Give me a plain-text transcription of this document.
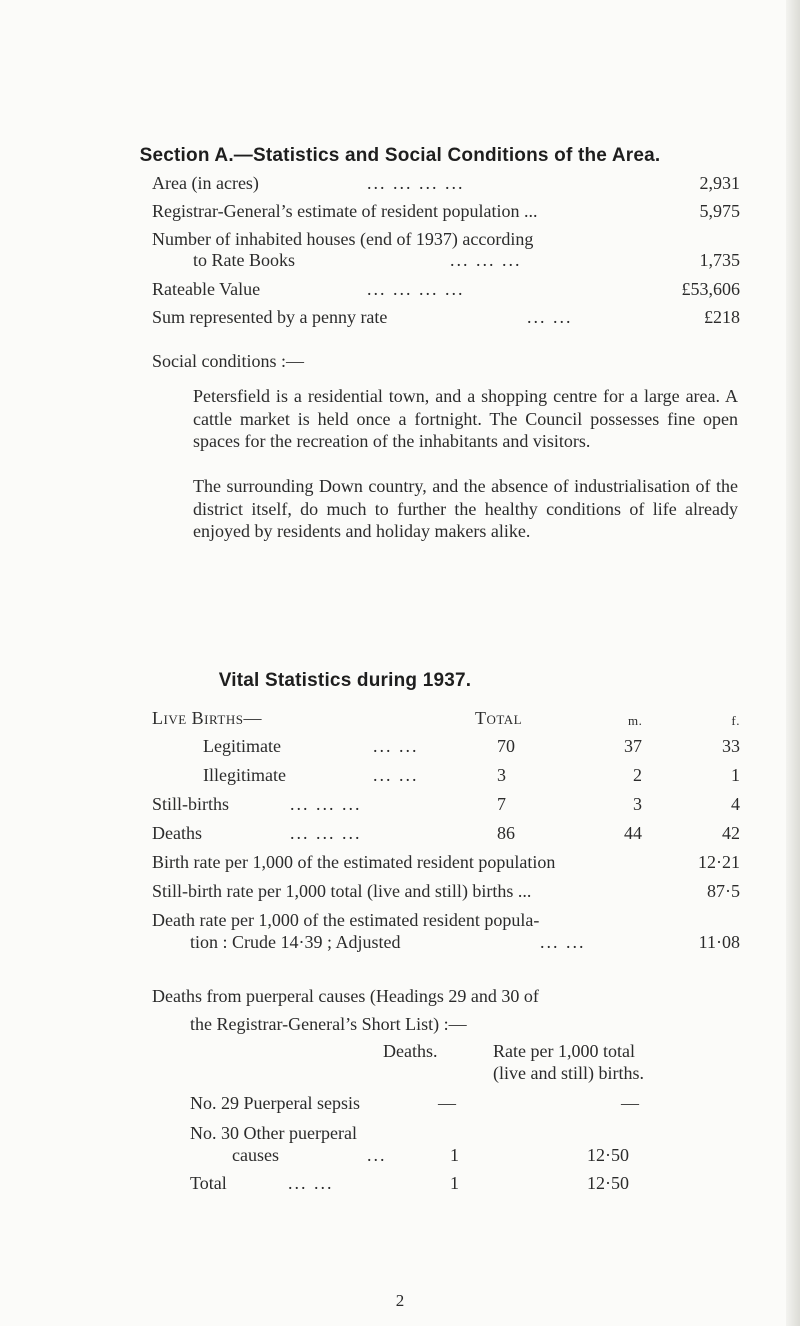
Section A.—Statistics and Social Conditions of the Area.
Area (in acres)	... ... ... ...	2,931
Registrar-General’s estimate of resident population ...	5,975
Number of inhabited houses (end of 1937) according
to Rate Books	... ... ...	1,735
Rateable Value	... ... ... ...	£53,606
Sum represented by a penny rate	... ...	£218
Social conditions :—
Petersfield is a residential town, and a shopping centre for a large area. A cattle market is held once a fortnight. The Council possesses fine open spaces for the recreation of the inhabitants and visitors.
The surrounding Down country, and the absence of industrialisation of the district itself, do much to further the healthy conditions of life already enjoyed by residents and holiday makers alike.
Vital Statistics during 1937.
Live Births—	Total	m.	f.
Legitimate	... ...	70	37	33
Illegitimate	... ...	3	2	1
Still-births	... ... ...	7	3	4
Deaths	... ... ...	86	44	42
Birth rate per 1,000 of the estimated resident population	12·21
Still-birth rate per 1,000 total (live and still) births ...	87·5
Death rate per 1,000 of the estimated resident popula-
tion : Crude 14·39 ; Adjusted	... ...	11·08
Deaths from puerperal causes (Headings 29 and 30 of
the Registrar-General’s Short List) :—
Deaths.	Rate per 1,000 total
(live and still) births.
No. 29 Puerperal sepsis	—	—
No. 30 Other puerperal
causes	...	1	12·50
Total	... ...	1	12·50
2
